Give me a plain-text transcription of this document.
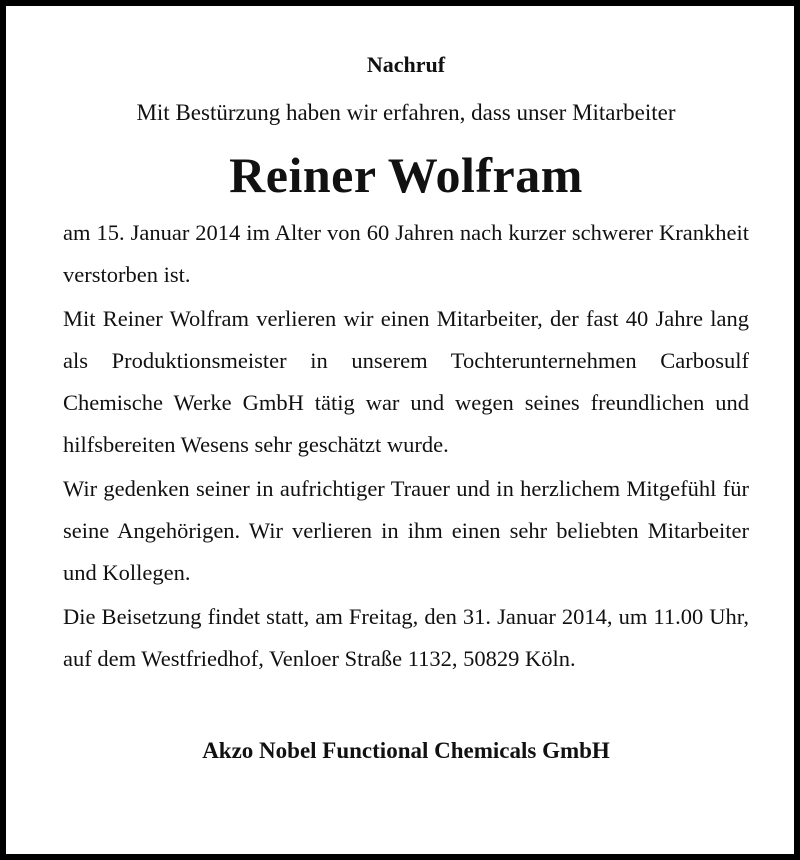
Nachruf

Mit Bestürzung haben wir erfahren, dass unser Mitarbeiter

Reiner Wolfram

am 15. Januar 2014 im Alter von 60 Jahren nach kurzer schwerer Krankheit verstorben ist.

Mit Reiner Wolfram verlieren wir einen Mitarbeiter, der fast 40 Jahre lang als Produktionsmeister in unserem Tochterunternehmen Carbosulf Chemische Werke GmbH tätig war und wegen seines freundlichen und hilfsbereiten Wesens sehr geschätzt wurde.

Wir gedenken seiner in aufrichtiger Trauer und in herzlichem Mitgefühl für seine Angehörigen. Wir verlieren in ihm einen sehr beliebten Mitarbeiter und Kollegen.

Die Beisetzung findet statt, am Freitag, den 31. Januar 2014, um 11.00 Uhr, auf dem Westfriedhof, Venloer Straße 1132, 50829 Köln.

Akzo Nobel Functional Chemicals GmbH
